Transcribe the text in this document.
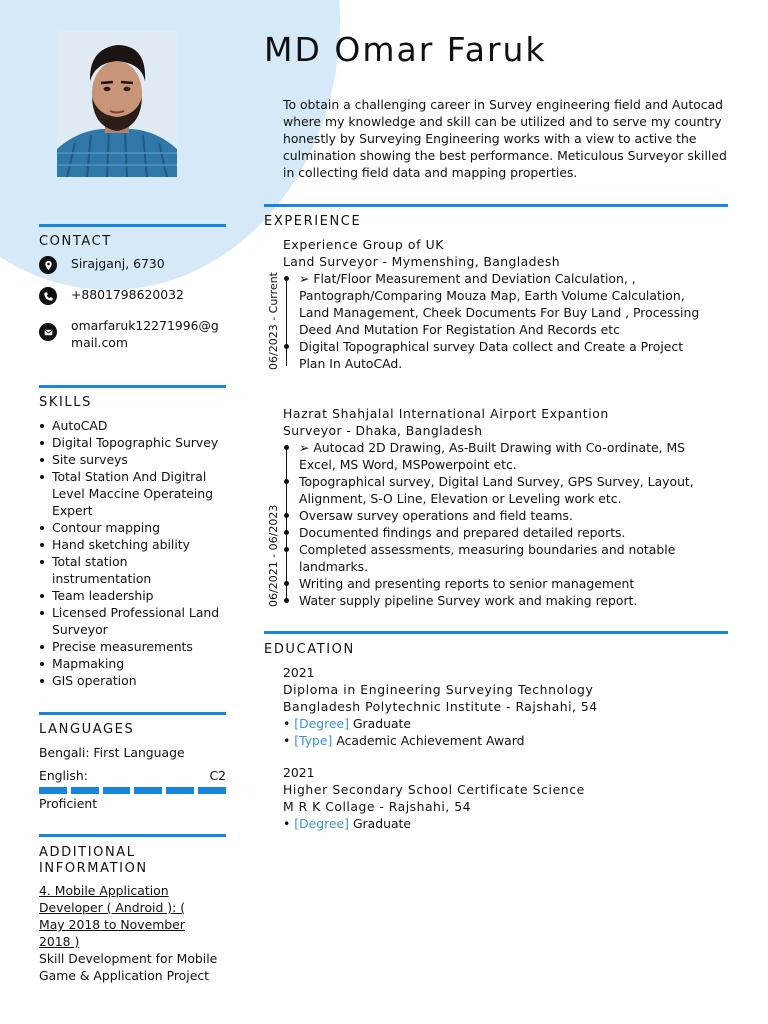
MD Omar Faruk

To obtain a challenging career in Survey engineering field and Autocad where my knowledge and skill can be utilized and to serve my country honestly by Surveying Engineering works with a view to active the culmination showing the best performance. Meticulous Surveyor skilled in collecting field data and mapping properties.

CONTACT
Sirajganj, 6730
+8801798620032
omarfaruk12271996@g
mail.com
SKILLS
AutoCAD
Digital Topographic Survey
Site surveys
Total Station And Digitral Level Maccine Operateing Expert
Contour mapping
Hand sketching ability
Total station instrumentation
Team leadership
Licensed Professional Land Surveyor
Precise measurements
Mapmaking
GIS operation
LANGUAGES
Bengali: First Language
English:	C2
Proficient
ADDITIONAL
INFORMATION
4. Mobile Application
Developer ( Android ): (
May 2018 to November
2018 )
Skill Development for Mobile
Game & Application Project
EXPERIENCE
Experience Group of UK
Land Surveyor - Mymenshing, Bangladesh
➢ Flat/Floor Measurement and Deviation Calculation, ,
Pantograph/Comparing Mouza Map, Earth Volume Calculation,
Land Management, Cheek Documents For Buy Land , Processing
Deed And Mutation For Registation And Records etc
Digital Topographical survey Data collect and Create a Project
Plan In AutoCAd.
06/2023 - Current
Hazrat Shahjalal International Airport Expantion
Surveyor - Dhaka, Bangladesh
➢ Autocad 2D Drawing, As-Built Drawing with Co-ordinate, MS
Excel, MS Word, MSPowerpoint etc.
Topographical survey, Digital Land Survey, GPS Survey, Layout,
Alignment, S-O Line, Elevation or Leveling work etc.
Oversaw survey operations and field teams.
Documented findings and prepared detailed reports.
Completed assessments, measuring boundaries and notable
landmarks.
Writing and presenting reports to senior management
Water supply pipeline Survey work and making report.
06/2021 - 06/2023
EDUCATION
2021
Diploma in Engineering Surveying Technology
Bangladesh Polytechnic Institute - Rajshahi, 54
• [Degree] Graduate
• [Type] Academic Achievement Award
2021
Higher Secondary School Certificate Science
M R K Collage - Rajshahi, 54
• [Degree] Graduate
